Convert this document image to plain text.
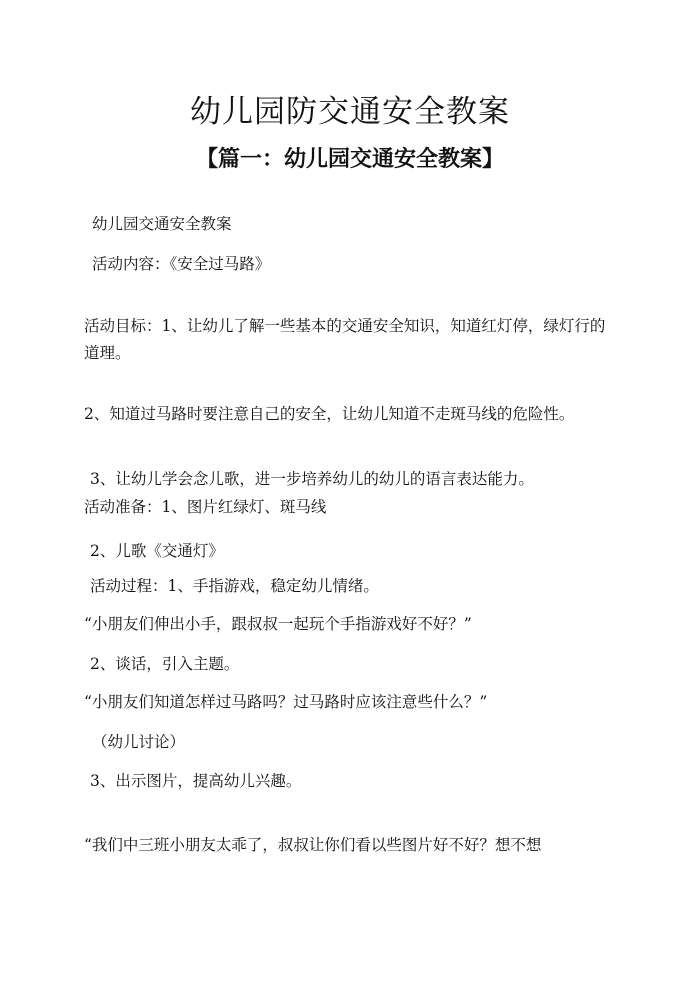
幼儿园防交通安全教案
【篇一：幼儿园交通安全教案】

幼儿园交通安全教案

活动内容：《安全过马路》

活动目标：1、让幼儿了解一些基本的交通安全知识，知道红灯停，绿灯行的道理。

2、知道过马路时要注意自己的安全，让幼儿知道不走斑马线的危险性。

3、让幼儿学会念儿歌，进一步培养幼儿的幼儿的语言表达能力。

活动准备：1、图片红绿灯、斑马线

2、儿歌《交通灯》

活动过程：1、手指游戏，稳定幼儿情绪。

“小朋友们伸出小手，跟叔叔一起玩个手指游戏好不好？”

2、谈话，引入主题。

“小朋友们知道怎样过马路吗？过马路时应该注意些什么？”

（幼儿讨论）

3、出示图片，提高幼儿兴趣。

“我们中三班小朋友太乖了，叔叔让你们看以些图片好不好？想不想
